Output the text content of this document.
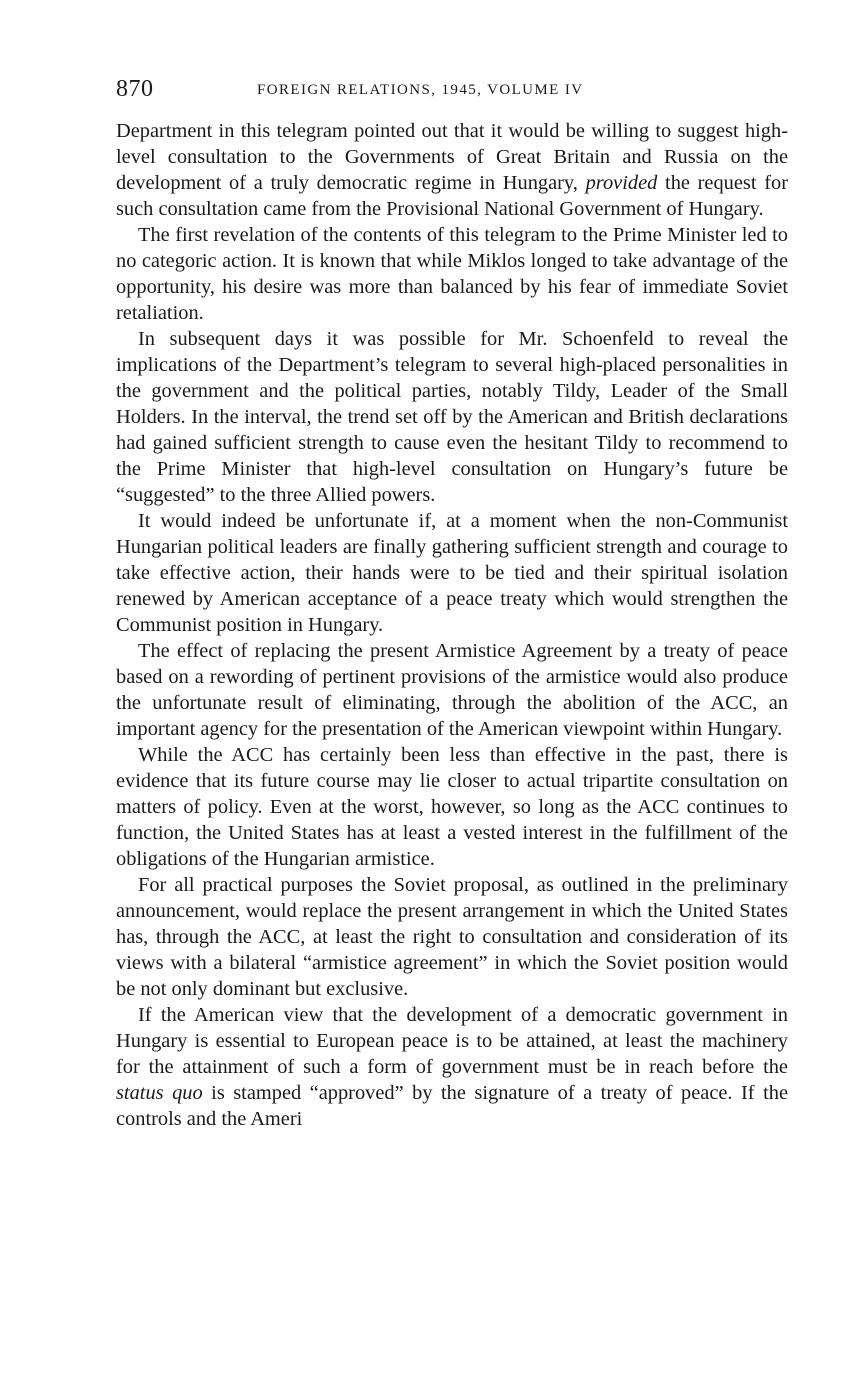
870	FOREIGN RELATIONS, 1945, VOLUME IV

Department in this telegram pointed out that it would be willing to suggest high-level consultation to the Governments of Great Britain and Russia on the development of a truly democratic regime in Hungary, provided the request for such consultation came from the Provisional National Government of Hungary.

The first revelation of the contents of this telegram to the Prime Minister led to no categoric action. It is known that while Miklos longed to take advantage of the opportunity, his desire was more than balanced by his fear of immediate Soviet retaliation.

In subsequent days it was possible for Mr. Schoenfeld to reveal the implications of the Department’s telegram to several high-placed personalities in the government and the political parties, notably Tildy, Leader of the Small Holders. In the interval, the trend set off by the American and British declarations had gained sufficient strength to cause even the hesitant Tildy to recommend to the Prime Minister that high-level consultation on Hungary’s future be “suggested” to the three Allied powers.

It would indeed be unfortunate if, at a moment when the non-Communist Hungarian political leaders are finally gathering sufficient strength and courage to take effective action, their hands were to be tied and their spiritual isolation renewed by American acceptance of a peace treaty which would strengthen the Communist position in Hungary.

The effect of replacing the present Armistice Agreement by a treaty of peace based on a rewording of pertinent provisions of the armistice would also produce the unfortunate result of eliminating, through the abolition of the ACC, an important agency for the presentation of the American viewpoint within Hungary.

While the ACC has certainly been less than effective in the past, there is evidence that its future course may lie closer to actual tripartite consultation on matters of policy. Even at the worst, however, so long as the ACC continues to function, the United States has at least a vested interest in the fulfillment of the obligations of the Hungarian armistice.

For all practical purposes the Soviet proposal, as outlined in the preliminary announcement, would replace the present arrangement in which the United States has, through the ACC, at least the right to consultation and consideration of its views with a bilateral “armistice agreement” in which the Soviet position would be not only dominant but exclusive.

If the American view that the development of a democratic government in Hungary is essential to European peace is to be attained, at least the machinery for the attainment of such a form of government must be in reach before the status quo is stamped “approved” by the signature of a treaty of peace. If the controls and the Ameri
